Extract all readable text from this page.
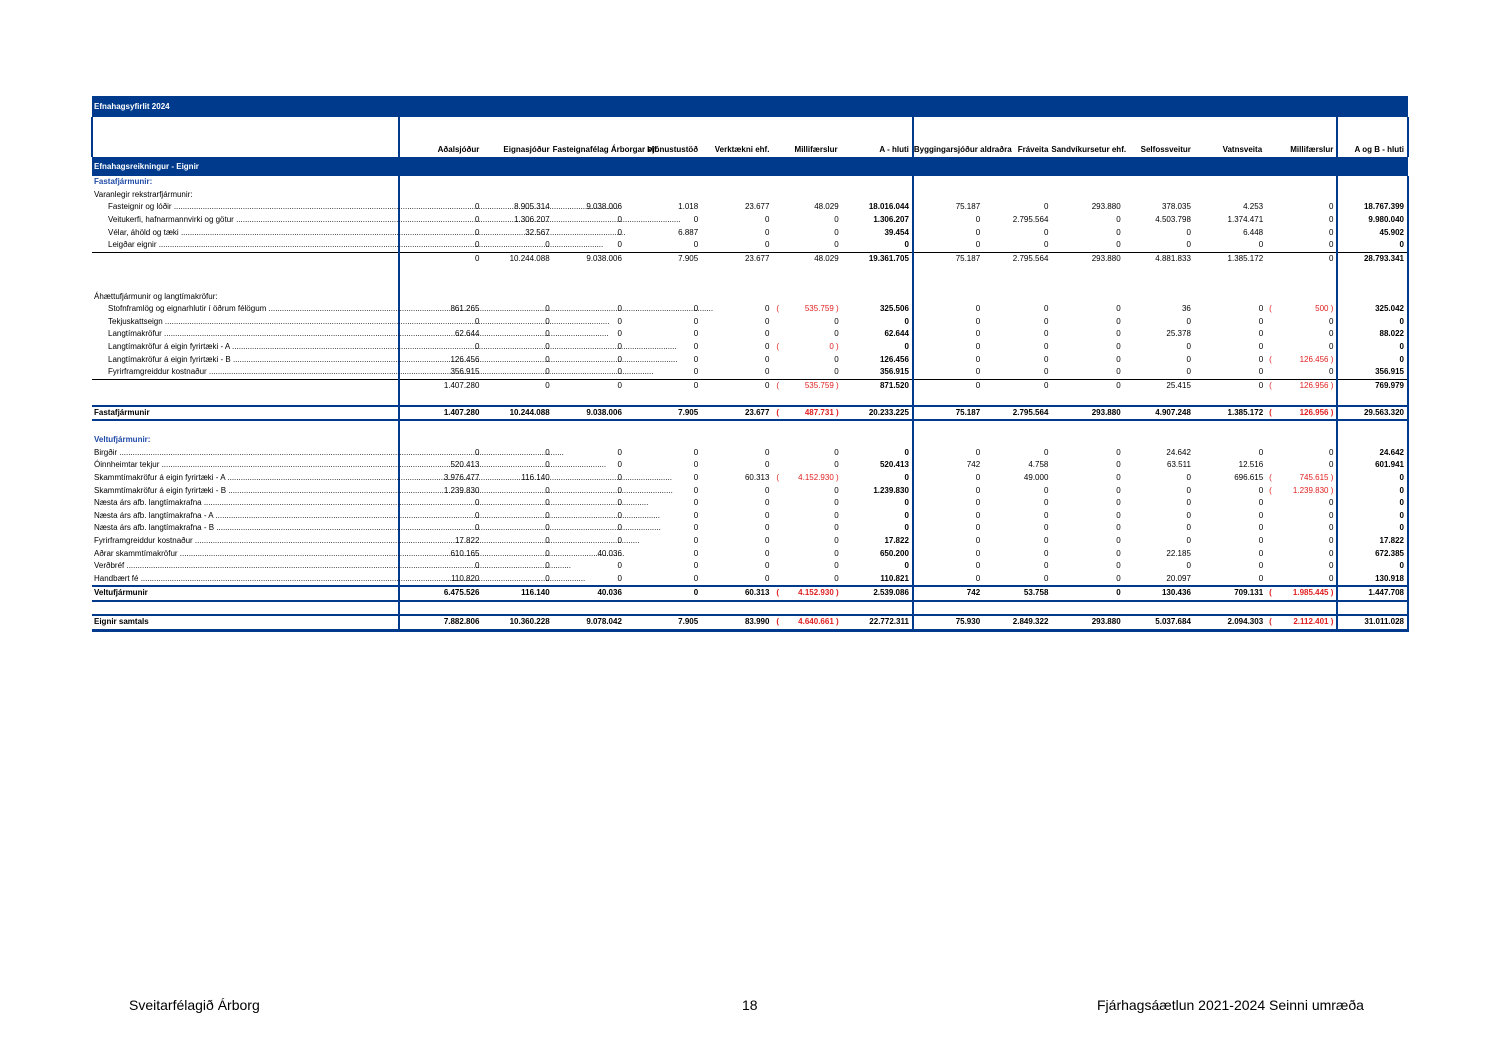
Efnahagsyfirlit 2024														
	Aðalsjóður	Eignasjóður	Fasteignafélag Árborgar slf.	Þjónustustöð	Verktækni ehf.	Millifærslur	A - hluti	Byggingarsjóður aldraðra	Fráveita	Sandvíkursetur ehf.	Selfossveitur	Vatnsveita	Millifærslur	A og B - hluti
Efnahagsreikningur - Eignir														
Fastafjármunir:														
Varanlegir rekstrarfjármunir:														

Fasteignir og lóðir .....	0	8.905.314	9.038.006	1.018	23.677	48.029	18.016.044	75.187	0	293.880	378.035	4.253	0	18.767.399

Veitukerfi, hafnarmannvirki og götur .....	0	1.306.207	0	0	0	0	1.306.207	0	2.795.564	0	4.503.798	1.374.471	0	9.980.040

Vélar, áhöld og tæki .....	0	32.567	0	6.887	0	0	39.454	0	0	0	0	6.448	0	45.902

Leigðar eignir .....	0	0	0	0	0	0	0	0	0	0	0	0	0	0
	0	10.244.088	9.038.006	7.905	23.677	48.029	19.361.705	75.187	2.795.564	293.880	4.881.833	1.385.172	0	28.793.341

Áhættufjármunir og langtímakröfur:														

Stofnframlög og eignarhlutir í öðrum félögum .....	861.265	0	0	0	0	( 535.759 )	325.506	0	0	0	36	0	( 500 )	325.042

Tekjuskattseign .....	0	0	0	0	0	0	0	0	0	0	0	0	0	0

Langtímakröfur .....	62.644	0	0	0	0	0	62.644	0	0	0	25.378	0	0	88.022

Langtímakröfur á eigin fyrirtæki - A .....	0	0	0	0	0	( 0 )	0	0	0	0	0	0	0	0

Langtímakröfur á eigin fyrirtæki - B .....	126.456	0	0	0	0	0	126.456	0	0	0	0	0	( 126.456 )	0

Fyrirframgreiddur kostnaður .....	356.915	0	0	0	0	0	356.915	0	0	0	0	0	0	356.915
	1.407.280	0	0	0	0	( 535.759 )	871.520	0	0	0	25.415	0	( 126.956 )	769.979

Fastafjármunir	1.407.280	10.244.088	9.038.006	7.905	23.677	( 487.731 )	20.233.225	75.187	2.795.564	293.880	4.907.248	1.385.172	( 126.956 )	29.563.320

Veltufjármunir:														

Birgðir .....	0	0	0	0	0	0	0	0	0	0	24.642	0	0	24.642

Óinnheimtar tekjur .....	520.413	0	0	0	0	0	520.413	742	4.758	0	63.511	12.516	0	601.941

Skammtímakröfur á eigin fyrirtæki - A .....	3.976.477	116.140	0	0	60.313	( 4.152.930 )	0	0	49.000	0	0	696.615	( 745.615 )	0

Skammtímakröfur á eigin fyrirtæki - B .....	1.239.830	0	0	0	0	0	1.239.830	0	0	0	0	0	( 1.239.830 )	0

Næsta árs afb. langtímakrafna .....	0	0	0	0	0	0	0	0	0	0	0	0	0	0

Næsta árs afb. langtímakrafna - A .....	0	0	0	0	0	0	0	0	0	0	0	0	0	0

Næsta árs afb. langtímakrafna - B .....	0	0	0	0	0	0	0	0	0	0	0	0	0	0

Fyrirframgreiddur kostnaður .....	17.822	0	0	0	0	0	17.822	0	0	0	0	0	0	17.822

Aðrar skammtímakröfur .....	610.165	0	40.036	0	0	0	650.200	0	0	0	22.185	0	0	672.385

Verðbréf .....	0	0	0	0	0	0	0	0	0	0	0	0	0	0

Handbært fé .....	110.820	0	0	0	0	0	110.821	0	0	0	20.097	0	0	130.918
Veltufjármunir	6.475.526	116.140	40.036	0	60.313	( 4.152.930 )	2.539.086	742	53.758	0	130.436	709.131	( 1.985.445 )	1.447.708

Eignir samtals	7.882.806	10.360.228	9.078.042	7.905	83.990	( 4.640.661 )	22.772.311	75.930	2.849.322	293.880	5.037.684	2.094.303	( 2.112.401 )	31.011.028
Sveitarfélagið Árborg	18	Fjárhagsáætlun 2021-2024 Seinni umræða
